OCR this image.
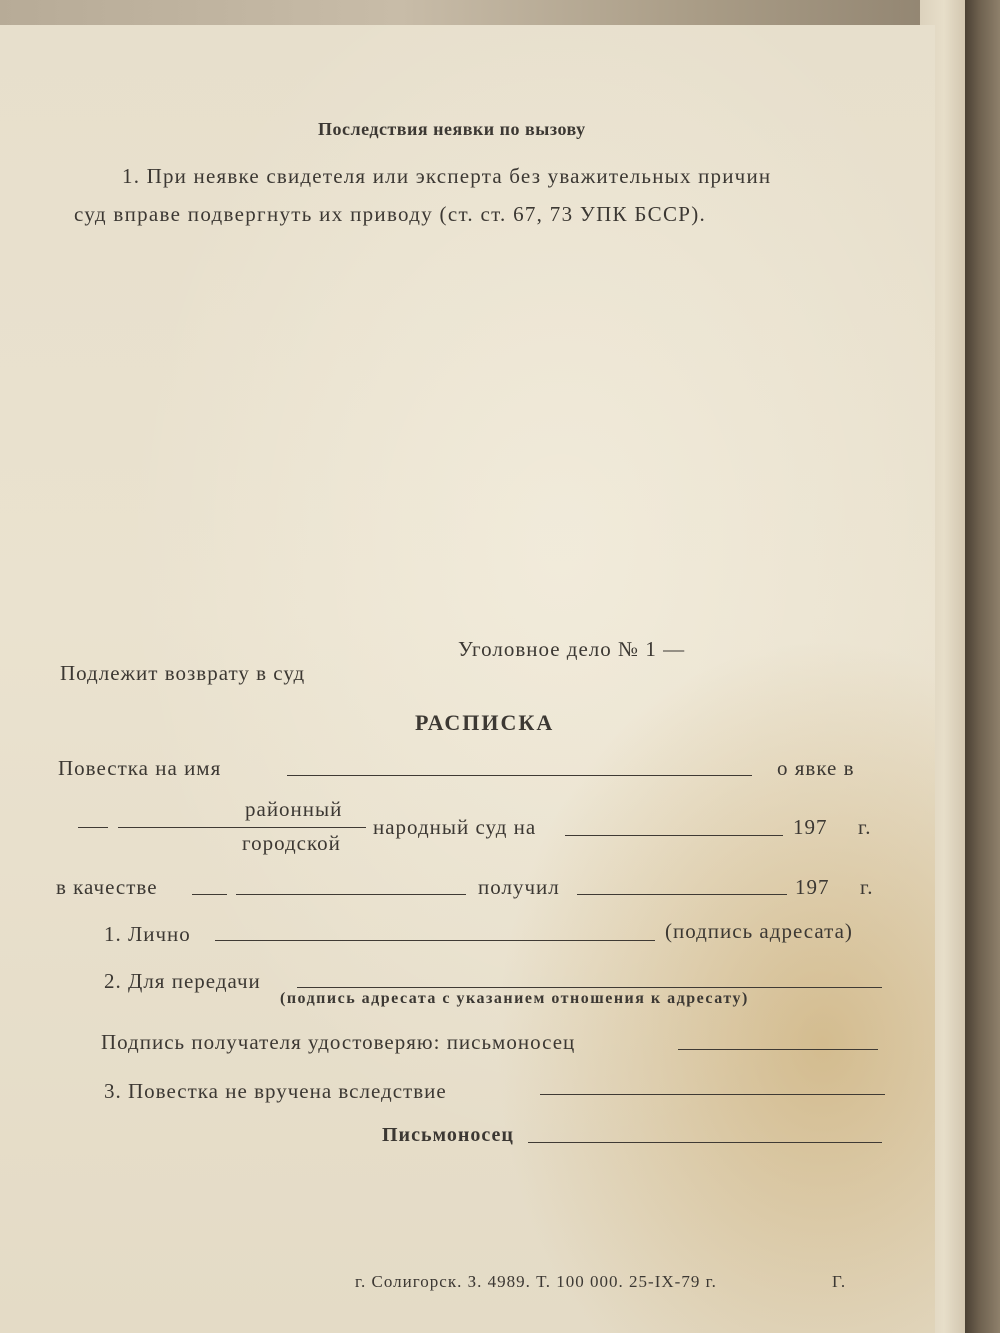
Последствия неявки по вызову
1. При неявке свидетеля или эксперта без уважительных причин
суд вправе подвергнуть их приводу (ст. ст. 67, 73 УПК БССР).
Уголовное дело № 1 —
Подлежит возврату в суд
РАСПИСКА
Повестка на имя	о явке в
районный
городской
народный суд на	197 г.
в качестве	получил	197 г.
1. Лично	(подпись адресата)
2. Для передачи
(подпись адресата с указанием отношения к адресату)
Подпись получателя удостоверяю: письмоносец
3. Повестка не вручена вследствие
Письмоносец
г. Солигорск. З. 4989. Т. 100 000. 25-IX-79 г.	Г.
